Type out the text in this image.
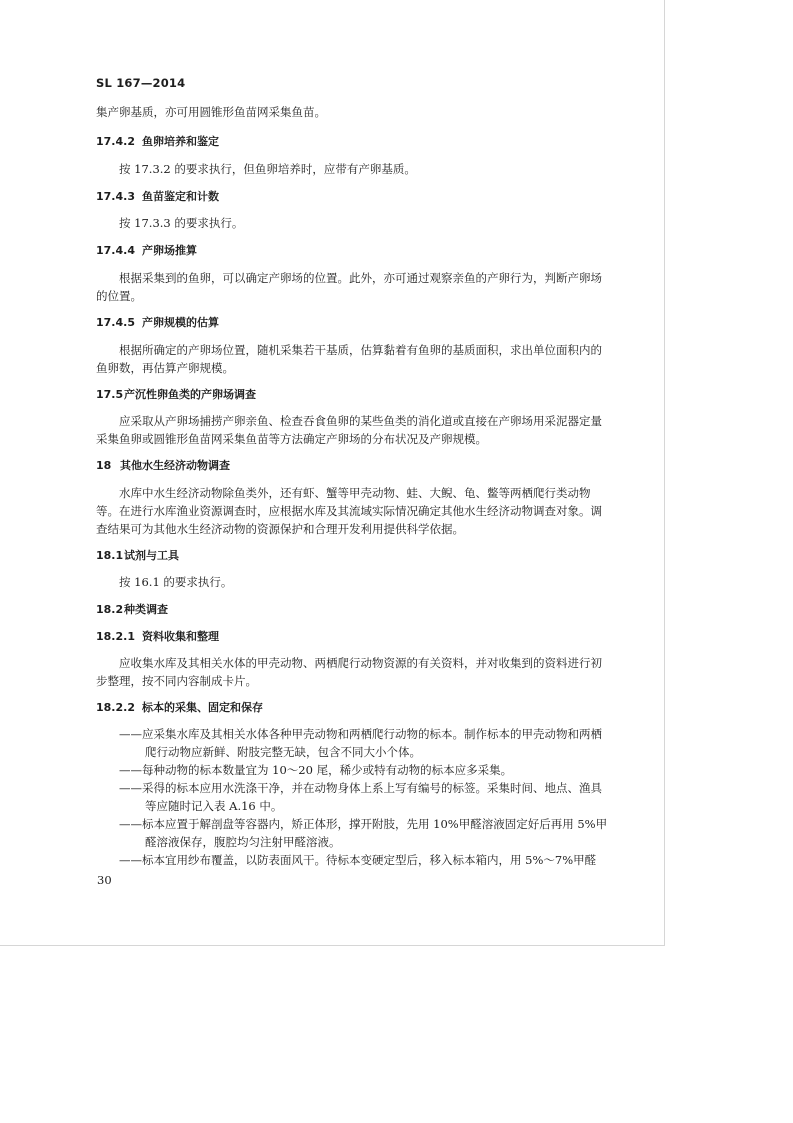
SL 167—2014
集产卵基质，亦可用圆锥形鱼苗网采集鱼苗。
17.4.2 鱼卵培养和鉴定
按 17.3.2 的要求执行，但鱼卵培养时，应带有产卵基质。
17.4.3 鱼苗鉴定和计数
按 17.3.3 的要求执行。
17.4.4 产卵场推算
根据采集到的鱼卵，可以确定产卵场的位置。此外，亦可通过观察亲鱼的产卵行为，判断产卵场
的位置。
17.4.5 产卵规模的估算
根据所确定的产卵场位置，随机采集若干基质，估算黏着有鱼卵的基质面积，求出单位面积内的
鱼卵数，再估算产卵规模。
17.5产沉性卵鱼类的产卵场调查
应采取从产卵场捕捞产卵亲鱼、检查吞食鱼卵的某些鱼类的消化道或直接在产卵场用采泥器定量
采集鱼卵或圆锥形鱼苗网采集鱼苗等方法确定产卵场的分布状况及产卵规模。
18 其他水生经济动物调查
水库中水生经济动物除鱼类外，还有虾、蟹等甲壳动物、蛙、大鲵、龟、鳖等两栖爬行类动物
等。在进行水库渔业资源调查时，应根据水库及其流域实际情况确定其他水生经济动物调查对象。调
查结果可为其他水生经济动物的资源保护和合理开发利用提供科学依据。
18.1试剂与工具
按 16.1 的要求执行。
18.2种类调查
18.2.1 资料收集和整理
应收集水库及其相关水体的甲壳动物、两栖爬行动物资源的有关资料，并对收集到的资料进行初
步整理，按不同内容制成卡片。
18.2.2 标本的采集、固定和保存
——应采集水库及其相关水体各种甲壳动物和两栖爬行动物的标本。制作标本的甲壳动物和两栖
爬行动物应新鲜、附肢完整无缺，包含不同大小个体。
——每种动物的标本数量宜为 10～20 尾，稀少或特有动物的标本应多采集。
——采得的标本应用水洗涤干净，并在动物身体上系上写有编号的标签。采集时间、地点、渔具
等应随时记入表 A.16 中。
——标本应置于解剖盘等容器内，矫正体形，撑开附肢，先用 10%甲醛溶液固定好后再用 5%甲
醛溶液保存，腹腔均匀注射甲醛溶液。
——标本宜用纱布覆盖，以防表面风干。待标本变硬定型后，移入标本箱内，用 5%～7%甲醛
30
